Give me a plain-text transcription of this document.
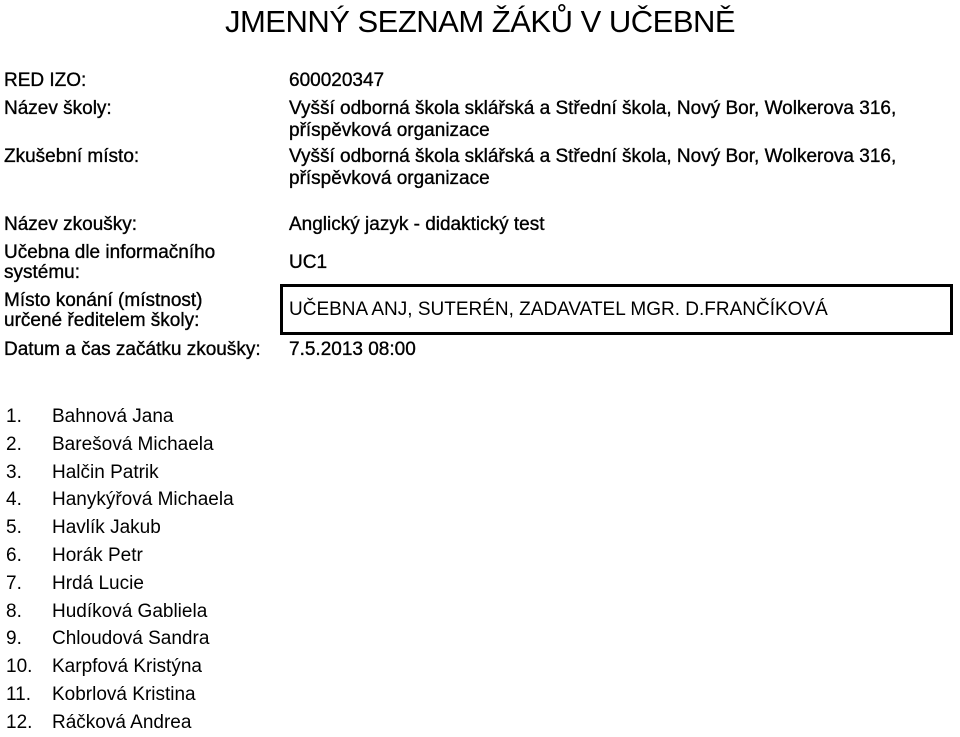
JMENNÝ SEZNAM ŽÁKŮ V UČEBNĚ
RED IZO:	600020347
Název školy:	Vyšší odborná škola sklářská a Střední škola, Nový Bor, Wolkerova 316,
příspěvková organizace
Zkušební místo:	Vyšší odborná škola sklářská a Střední škola, Nový Bor, Wolkerova 316,
příspěvková organizace
Název zkoušky:	Anglický jazyk - didaktický test
Učebna dle informačního
systému:	UC1
Místo konání (místnost)
určené ředitelem školy:
UČEBNA ANJ, SUTERÉN, ZADAVATEL MGR. D.FRANČÍKOVÁ
Datum a čas začátku zkoušky: 7.5.2013 08:00
1. Bahnová Jana
2. Barešová Michaela
3. Halčin Patrik
4. Hanykýřová Michaela
5. Havlík Jakub
6. Horák Petr
7. Hrdá Lucie
8. Hudíková Gabliela
9. Chloudová Sandra
10. Karpfová Kristýna
11. Kobrlová Kristina
12. Ráčková Andrea
